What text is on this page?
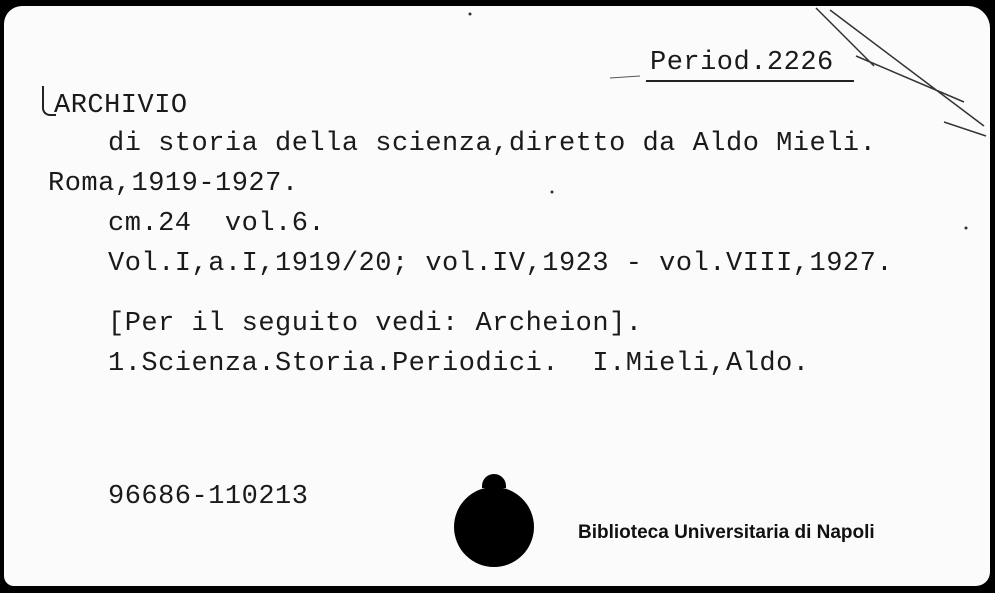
Period.2226
ARCHIVIO
di storia della scienza,diretto da Aldo Mieli.
Roma,1919-1927.
cm.24  vol.6.
Vol.I,a.I,1919/20; vol.IV,1923 - vol.VIII,1927.
[Per il seguito vedi: Archeion].
1.Scienza.Storia.Periodici.  I.Mieli,Aldo.
96686-110213
Biblioteca Universitaria di Napoli
